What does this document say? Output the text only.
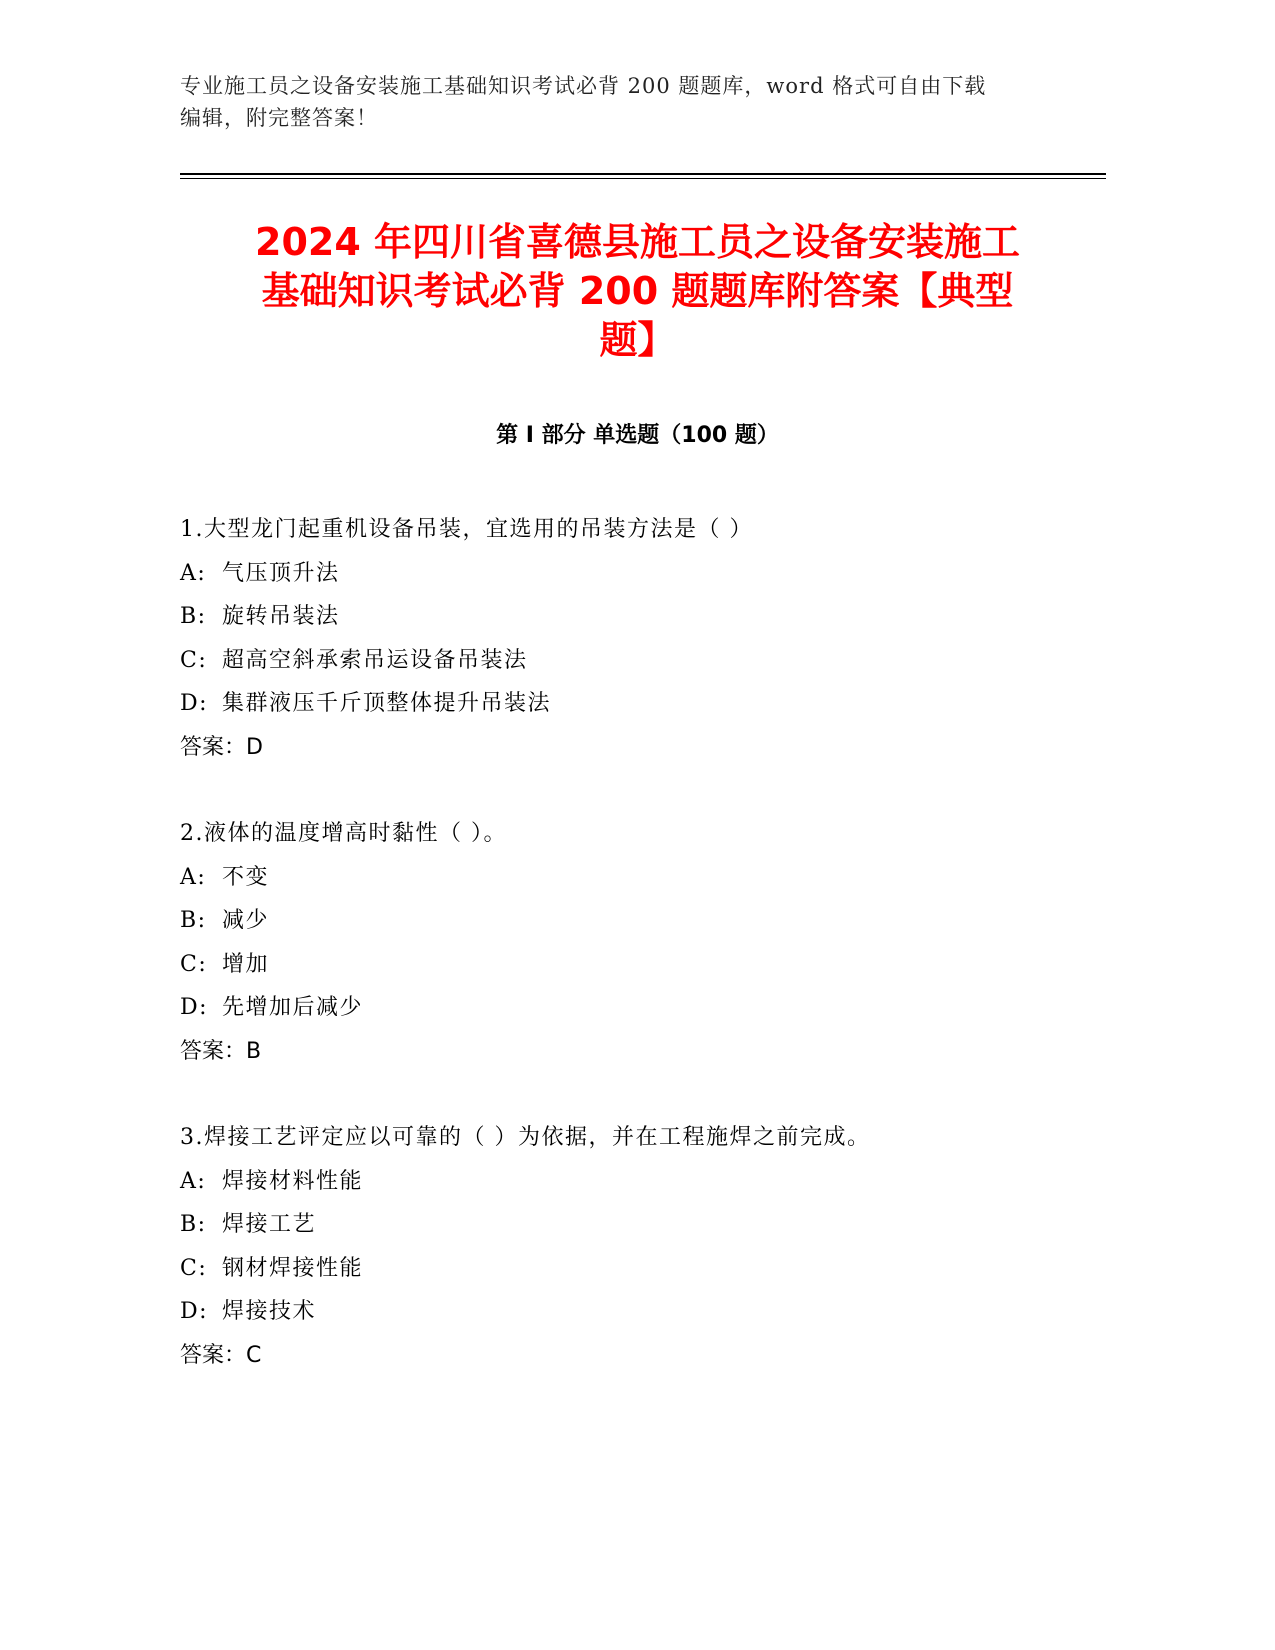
专业施工员之设备安装施工基础知识考试必背 200 题题库，word 格式可自由下载
编辑，附完整答案！
2024 年四川省喜德县施工员之设备安装施工
基础知识考试必背 200 题题库附答案【典型
题】
第 I 部分 单选题（100 题）
1.大型龙门起重机设备吊装，宜选用的吊装方法是（ ）
A: 气压顶升法
B: 旋转吊装法
C: 超高空斜承索吊运设备吊装法
D: 集群液压千斤顶整体提升吊装法
答案：D
2.液体的温度增高时黏性（ ）。
A: 不变
B: 减少
C: 增加
D: 先增加后减少
答案：B
3.焊接工艺评定应以可靠的（ ）为依据，并在工程施焊之前完成。
A: 焊接材料性能
B: 焊接工艺
C: 钢材焊接性能
D: 焊接技术
答案：C
